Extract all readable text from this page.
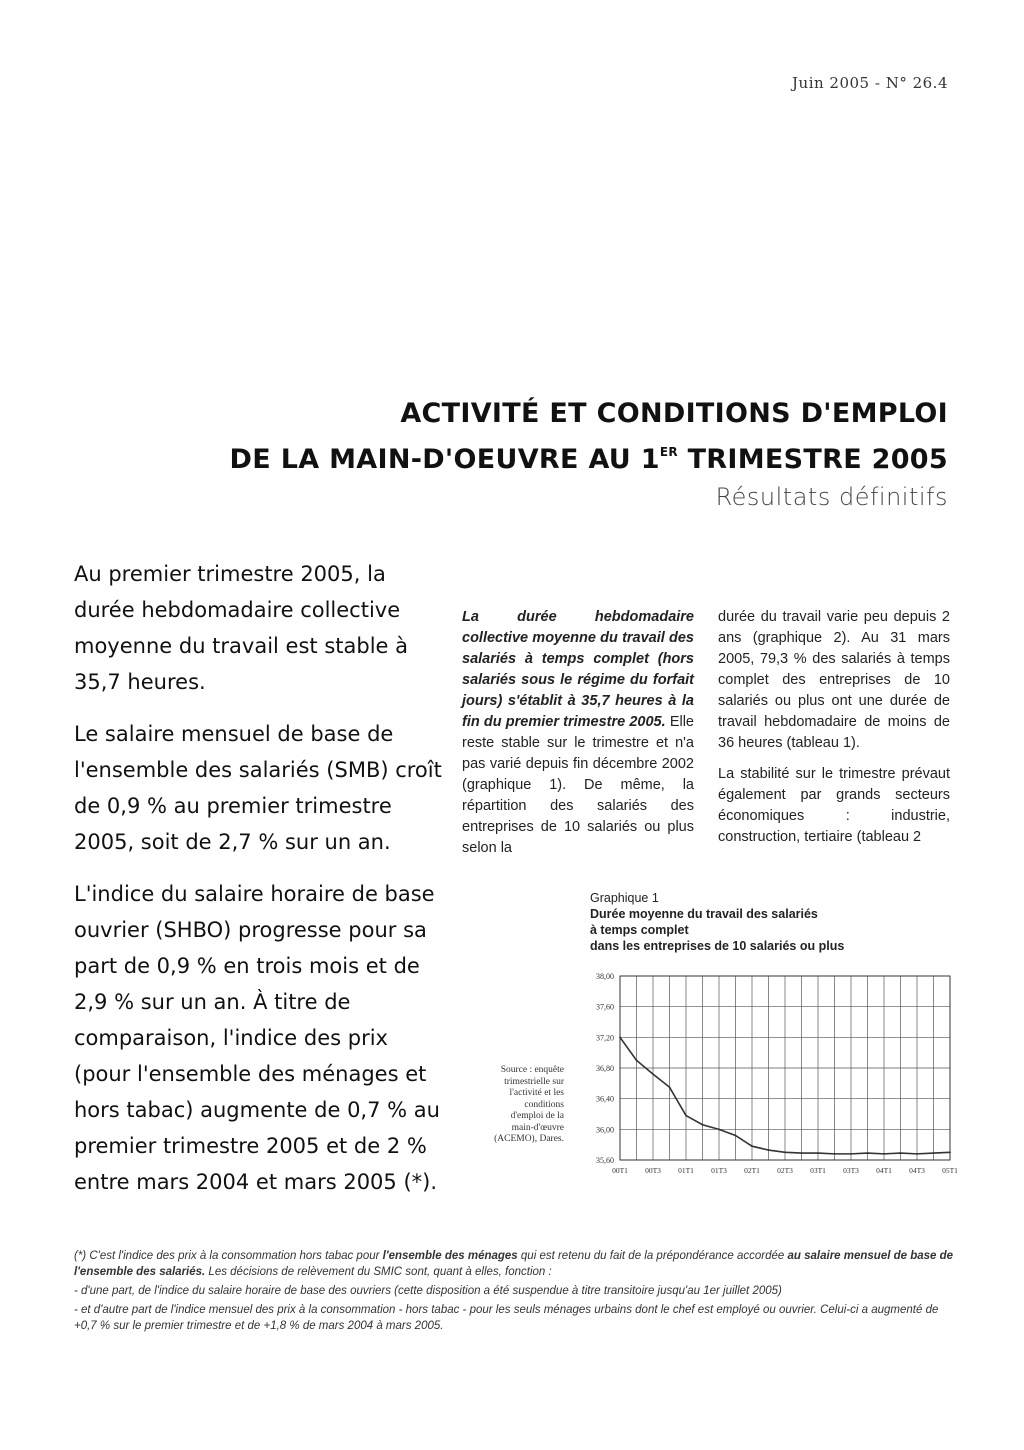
Juin 2005 - N° 26.4
ACTIVITÉ ET CONDITIONS D'EMPLOI
DE LA MAIN-D'OEUVRE AU 1ER TRIMESTRE 2005
Résultats définitifs

Au premier trimestre 2005, la durée hebdomadaire collective moyenne du travail est stable à 35,7 heures.

Le salaire mensuel de base de l'ensemble des salariés (SMB) croît de 0,9 % au premier trimestre 2005, soit de 2,7 % sur un an.

L'indice du salaire horaire de base ouvrier (SHBO) progresse pour sa part de 0,9 % en trois mois et de 2,9 % sur un an. À titre de comparaison, l'indice des prix (pour l'ensemble des ménages et hors tabac) augmente de 0,7 % au premier trimestre 2005 et de 2 % entre mars 2004 et mars 2005 (*).

La durée hebdomadaire collective moyenne du travail des salariés à temps complet (hors salariés sous le régime du forfait jours) s'établit à 35,7 heures à la fin du premier trimestre 2005. Elle reste stable sur le trimestre et n'a pas varié depuis fin décembre 2002 (graphique 1). De même, la répartition des salariés des entreprises de 10 salariés ou plus selon la

durée du travail varie peu depuis 2 ans (graphique 2). Au 31 mars 2005, 79,3 % des salariés à temps complet des entreprises de 10 salariés ou plus ont une durée de travail hebdomadaire de moins de 36 heures (tableau 1).

La stabilité sur le trimestre prévaut également par grands secteurs économiques : industrie, construction, tertiaire (tableau 2

Graphique 1
Durée moyenne du travail des salariés
à temps complet
dans les entreprises de 10 salariés ou plus
Source : enquête trimestrielle sur l'activité et les conditions d'emploi de la main-d'œuvre (ACEMO), Dares.
38,00
37,60
37,20
36,80
36,40
36,00
35,60
00T1 00T3 01T1 01T3 02T1 02T3 03T1 03T3 04T1 04T3 05T1

(*) C'est l'indice des prix à la consommation hors tabac pour l'ensemble des ménages qui est retenu du fait de la prépondérance accordée au salaire mensuel de base de l'ensemble des salariés. Les décisions de relèvement du SMIC sont, quant à elles, fonction :

- d'une part, de l'indice du salaire horaire de base des ouvriers (cette disposition a été suspendue à titre transitoire jusqu'au 1er juillet 2005)

- et d'autre part de l'indice mensuel des prix à la consommation - hors tabac - pour les seuls ménages urbains dont le chef est employé ou ouvrier. Celui-ci a augmenté de +0,7 % sur le premier trimestre et de +1,8 % de mars 2004 à mars 2005.
